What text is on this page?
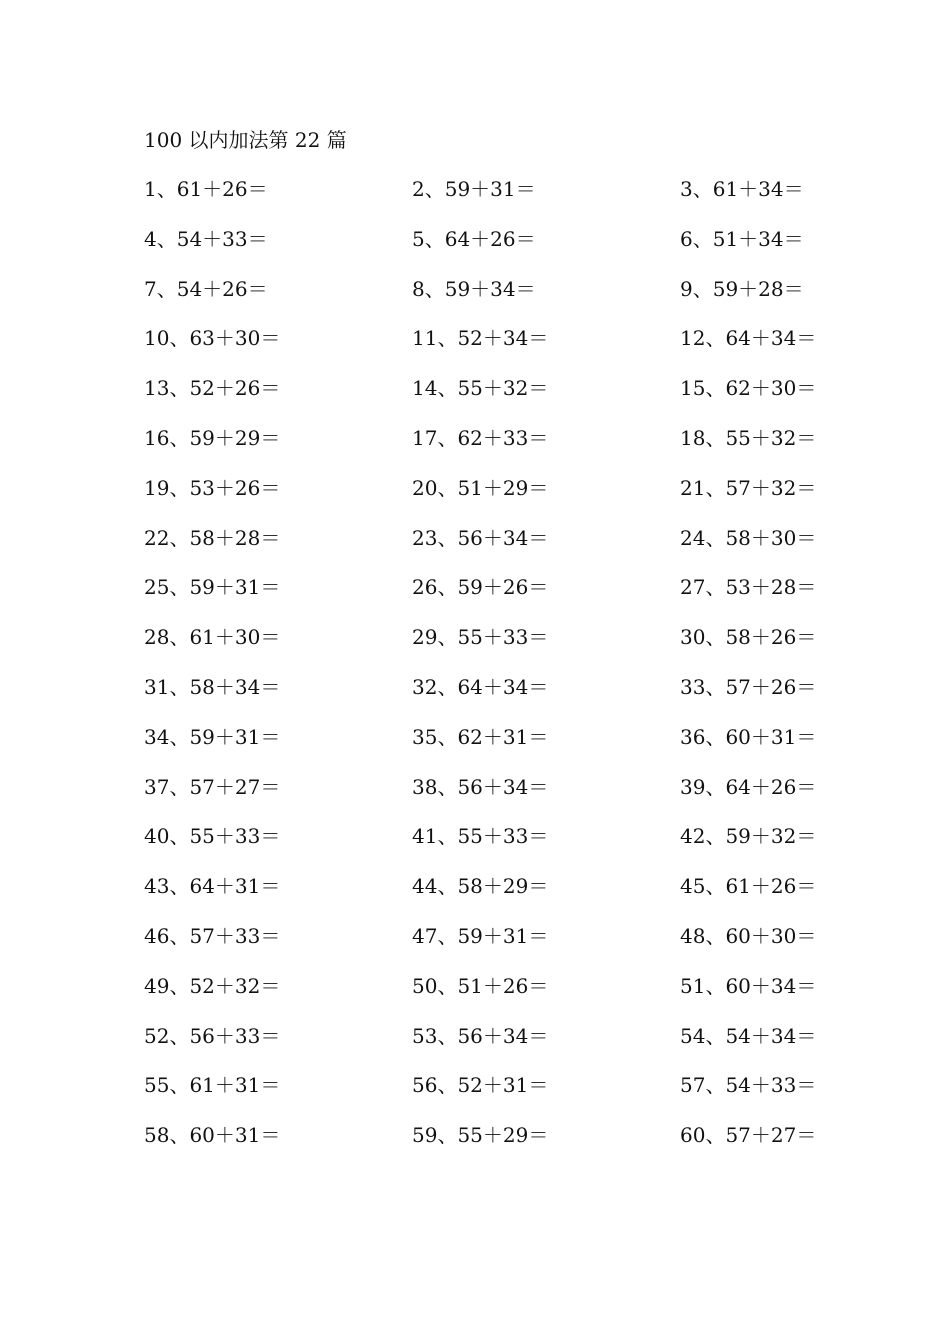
100 以内加法第 22 篇
1、61＋26＝	2、59＋31＝	3、61＋34＝
4、54＋33＝	5、64＋26＝	6、51＋34＝
7、54＋26＝	8、59＋34＝	9、59＋28＝
10、63＋30＝	11、52＋34＝	12、64＋34＝
13、52＋26＝	14、55＋32＝	15、62＋30＝
16、59＋29＝	17、62＋33＝	18、55＋32＝
19、53＋26＝	20、51＋29＝	21、57＋32＝
22、58＋28＝	23、56＋34＝	24、58＋30＝
25、59＋31＝	26、59＋26＝	27、53＋28＝
28、61＋30＝	29、55＋33＝	30、58＋26＝
31、58＋34＝	32、64＋34＝	33、57＋26＝
34、59＋31＝	35、62＋31＝	36、60＋31＝
37、57＋27＝	38、56＋34＝	39、64＋26＝
40、55＋33＝	41、55＋33＝	42、59＋32＝
43、64＋31＝	44、58＋29＝	45、61＋26＝
46、57＋33＝	47、59＋31＝	48、60＋30＝
49、52＋32＝	50、51＋26＝	51、60＋34＝
52、56＋33＝	53、56＋34＝	54、54＋34＝
55、61＋31＝	56、52＋31＝	57、54＋33＝
58、60＋31＝	59、55＋29＝	60、57＋27＝
